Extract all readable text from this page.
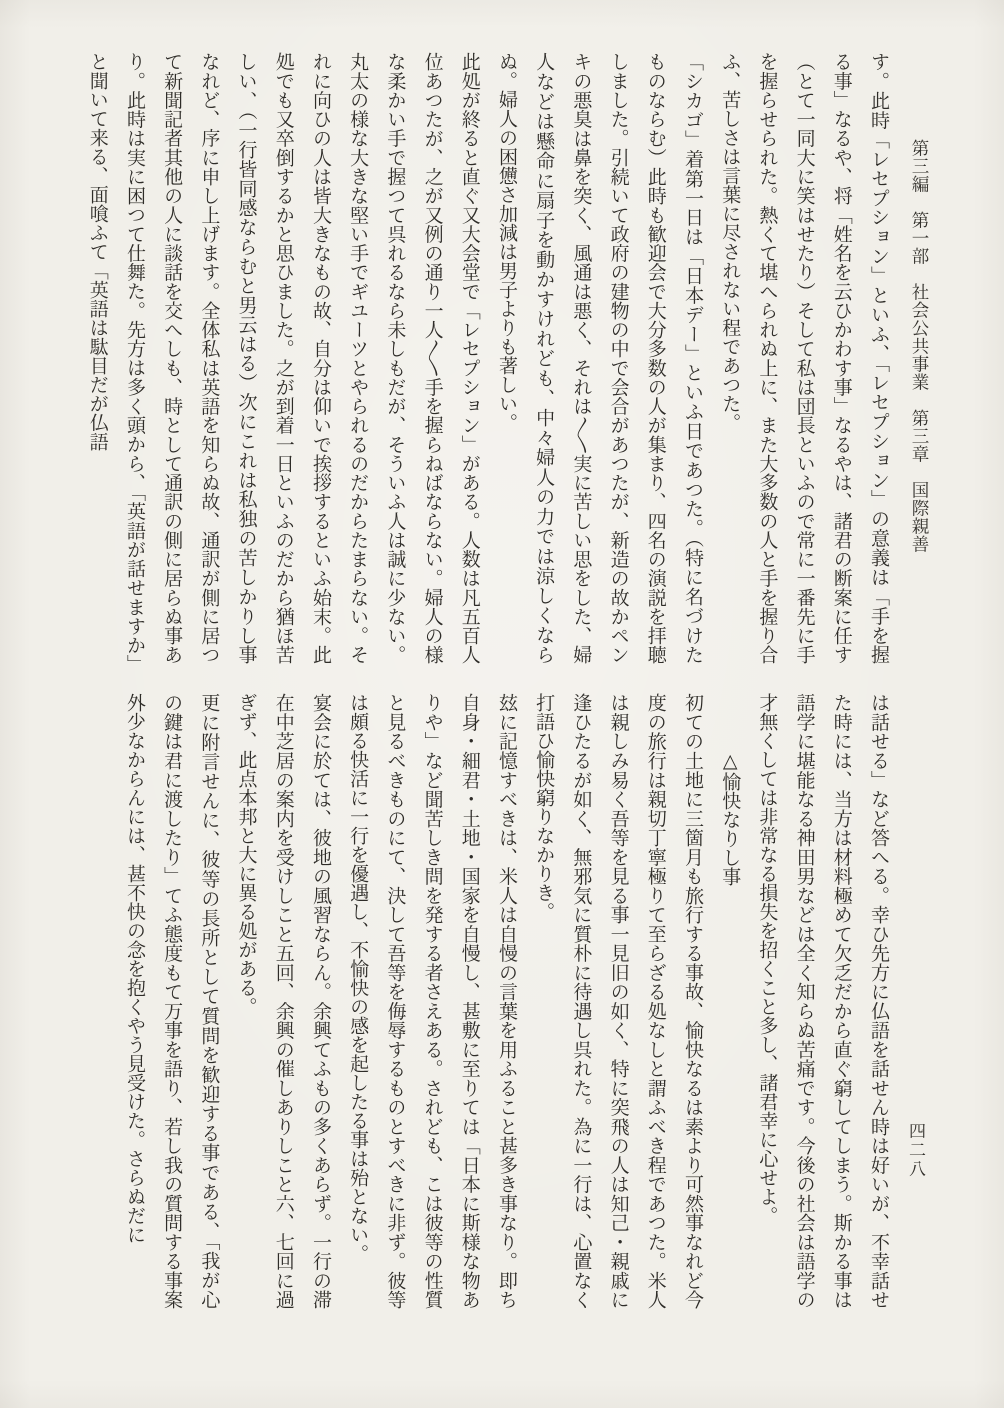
第三編　第一部　社会公共事業　第三章　国際親善

す。此時「レセプション」といふ、「レセプション」の意義は「手を握る事」なるや、将「姓名を云ひかわす事」なるやは、諸君の断案に任す（とて一同大に笑はせたり）そして私は団長といふので常に一番先に手を握らせられた。熱くて堪へられぬ上に、また大多数の人と手を握り合ふ、苦しさは言葉に尽されない程であつた。

「シカゴ」着第一日は「日本デー」といふ日であつた。（特に名づけたものならむ）此時も歓迎会で大分多数の人が集まり、四名の演説を拝聴しました。引続いて政府の建物の中で会合があつたが、新造の故かペンキの悪臭は鼻を突く、風通は悪く、それは〱実に苦しい思をした、婦人などは懸命に扇子を動かすけれども、中々婦人の力では涼しくならぬ。婦人の困憊さ加減は男子よりも著しい。

此処が終ると直ぐ又大会堂で「レセプション」がある。人数は凡五百人位あつたが、之が又例の通り一人〱手を握らねばならない。婦人の様な柔かい手で握つて呉れるなら未しもだが、そういふ人は誠に少ない。丸太の様な大きな堅い手でギユーツとやられるのだからたまらない。それに向ひの人は皆大きなもの故、自分は仰いで挨拶するといふ始末。此処でも又卒倒するかと思ひました。之が到着一日といふのだから猶ほ苦しい、（一行皆同感ならむと男云はる）次にこれは私独の苦しかりし事なれど、序に申し上げます。全体私は英語を知らぬ故、通訳が側に居つて新聞記者其他の人に談話を交へしも、時として通訳の側に居らぬ事あり。此時は実に困つて仕舞た。先方は多く頭から、「英語が話せますか」と聞いて来る、面喰ふて「英語は駄目だが仏語

は話せる」など答へる。幸ひ先方に仏語を話せん時は好いが、不幸話せた時には、当方は材料極めて欠乏だから直ぐ窮してしまう。斯かる事は語学に堪能なる神田男などは全く知らぬ苦痛です。今後の社会は語学の才無くしては非常なる損失を招くこと多し、諸君幸に心せよ。

△愉快なりし事

初ての土地に三箇月も旅行する事故、愉快なるは素より可然事なれど今度の旅行は親切丁寧極りて至らざる処なしと謂ふべき程であつた。米人は親しみ易く吾等を見る事一見旧の如く、特に突飛の人は知己・親戚に逢ひたるが如く、無邪気に質朴に待遇し呉れた。為に一行は、心置なく打語ひ愉快窮りなかりき。

玆に記憶すべきは、米人は自慢の言葉を用ふること甚多き事なり。即ち自身・細君・土地・国家を自慢し、甚敷に至りては「日本に斯様な物ありや」など聞苦しき問を発する者さえある。されども、こは彼等の性質と見るべきものにて、決して吾等を侮辱するものとすべきに非ず。彼等は頗る快活に一行を優遇し、不愉快の感を起したる事は殆とない。

宴会に於ては、彼地の風習ならん。余興てふもの多くあらず。一行の滞在中芝居の案内を受けしこと五回、余興の催しありしこと六、七回に過ぎず、此点本邦と大に異る処がある。

更に附言せんに、彼等の長所として質問を歓迎する事である、「我が心の鍵は君に渡したり」てふ態度もて万事を語り、若し我の質問する事案外少なからんには、甚不快の念を抱くやう見受けた。さらぬだに	四二八
